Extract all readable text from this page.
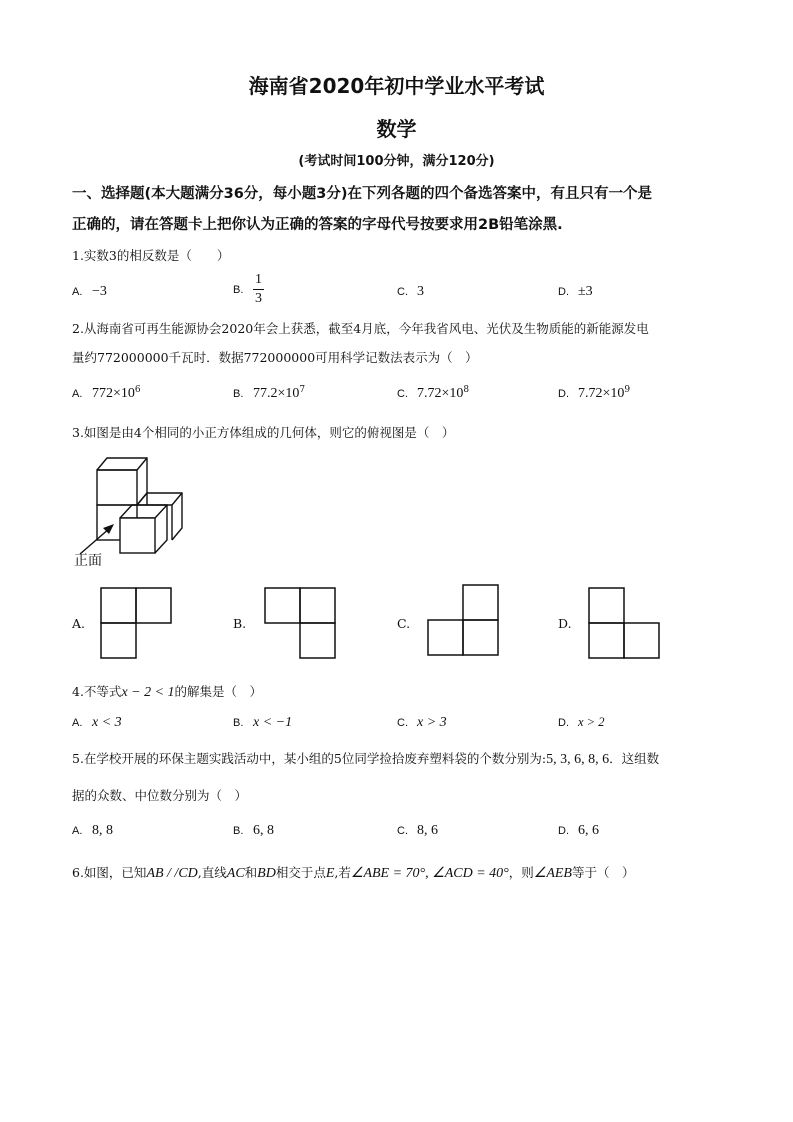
海南省2020年初中学业水平考试
数学
(考试时间100分钟，满分120分)
一、选择题(本大题满分36分，每小题3分)在下列各题的四个备选答案中，有且只有一个是
正确的，请在答题卡上把你认为正确的答案的字母代号按要求用2B铅笔涂黑.
1.实数3的相反数是（　　）
A. −3	B. $\frac{1}{3}$	C. 3	D. ±3
2.从海南省可再生能源协会2020年会上获悉，截至4月底，今年我省风电、光伏及生物质能的新能源发电
量约772000000千瓦时．数据772000000可用科学记数法表示为（　）
A. $772\times 10^6$	B. $77.2\times 10^7$	C. $7.72\times 10^8$	D. $7.72\times 10^9$
3.如图是由4个相同的小正方体组成的几何体，则它的俯视图是（　）
正面
A.	B.	C.	D.
4.不等式x − 2 < 1的解集是（　）
A. x < 3	B. x < −1	C. x > 3	D. x > 2
5.在学校开展的环保主题实践活动中，某小组的5位同学捡拾废弃塑料袋的个数分别为:5, 3, 6, 8, 6．这组数
据的众数、中位数分别为（　）
A. 8, 8	B. 6, 8	C. 8, 6	D. 6, 6
6.如图，已知AB / /CD,直线AC和BD相交于点E,若∠ABE = 70°, ∠ACD = 40°，则∠AEB等于（　）
